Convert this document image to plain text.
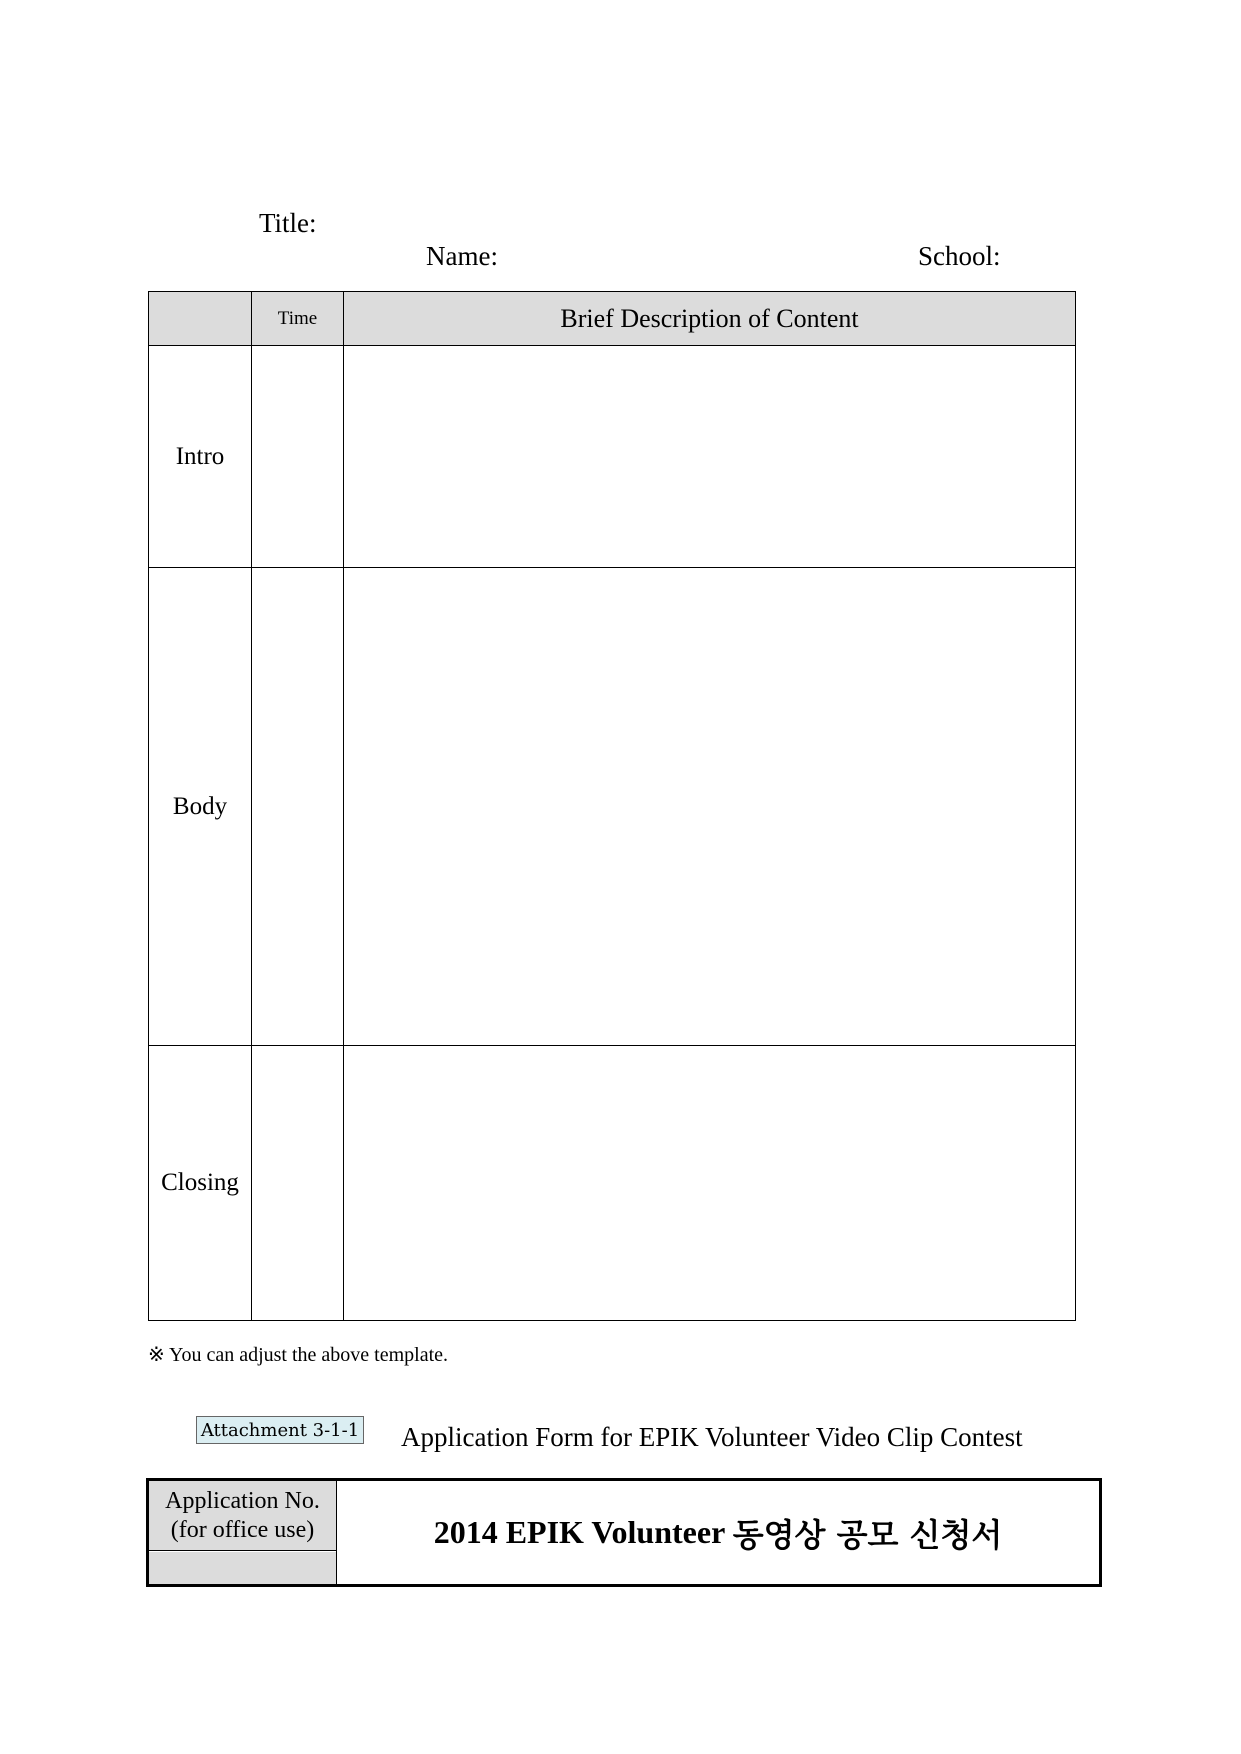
Title:
Name:	School:
	Time	Brief Description of Content
Intro		
Body		
Closing		
※ You can adjust the above template.
Attachment 3-1-1 Application Form for EPIK Volunteer Video Clip Contest
Application No.
(for office use)	2014 EPIK Volunteer 동영상 공모 신청서
